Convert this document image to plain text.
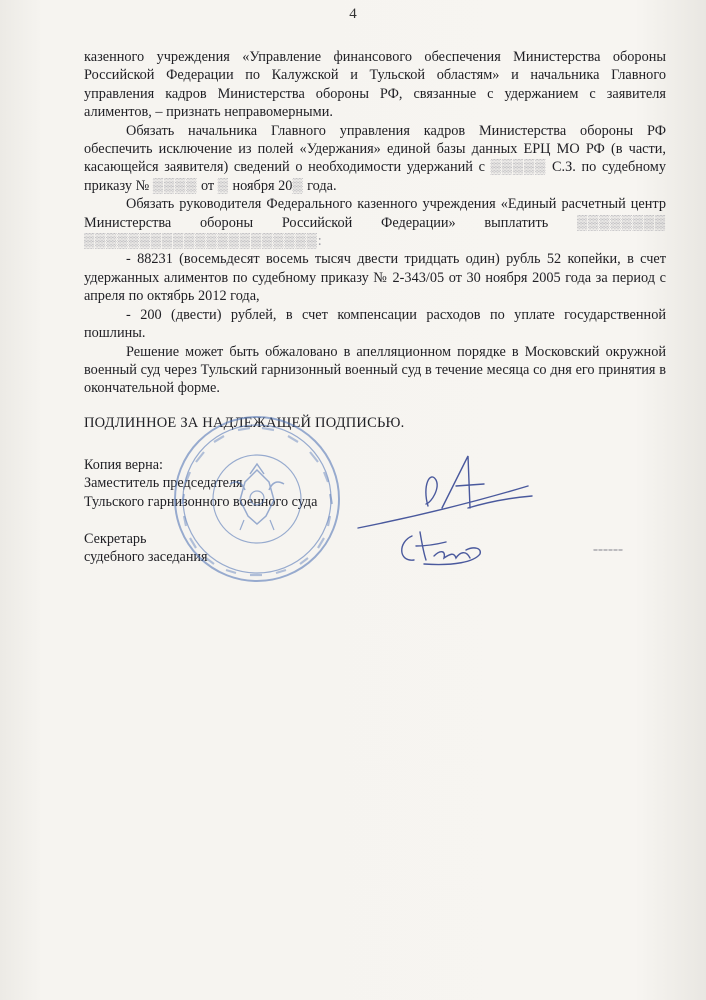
4

казенного учреждения «Управление финансового обеспечения Министерства обороны Российской Федерации по Калужской и Тульской областям» и начальника Главного управления кадров Министерства обороны РФ, связанные с удержанием с заявителя алиментов, – признать неправомерными.

Обязать начальника Главного управления кадров Министерства обороны РФ обеспечить исключение из полей «Удержания» единой базы данных ЕРЦ МО РФ (в части, касающейся заявителя) сведений о необходимости удержаний с ▒▒▒▒▒ С.З. по судебному приказу № ▒▒▒▒ от ▒ ноября 20▒ года.

Обязать руководителя Федерального казенного учреждения «Единый расчетный центр Министерства обороны Российской Федерации» выплатить ▒▒▒▒▒▒▒▒ ▒▒▒▒▒▒▒▒▒▒▒▒▒▒▒▒▒▒▒▒▒:

- 88231 (восемьдесят восемь тысяч двести тридцать один) рубль 52 копейки, в счет удержанных алиментов по судебному приказу № 2-343/05 от 30 ноября 2005 года за период с апреля по октябрь 2012 года,

- 200 (двести) рублей, в счет компенсации расходов по уплате государственной пошлины.

Решение может быть обжаловано в апелляционном порядке в Московский окружной военный суд через Тульский гарнизонный военный суд в течение месяца со дня его принятия в окончательной форме.

ПОДЛИННОЕ ЗА НАДЛЕЖАЩЕЙ ПОДПИСЬЮ.
Копия верна:
Заместитель председателя
Тульского гарнизонного военного суда
Секретарь
судебного заседания
